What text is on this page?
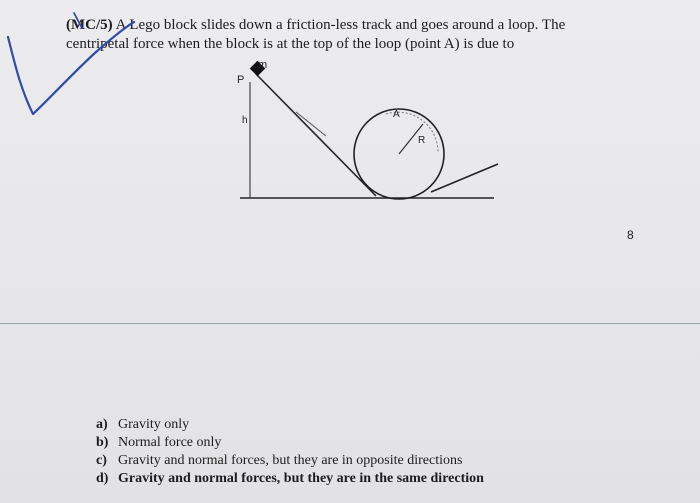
(MC/5) A Lego block slides down a friction-less track and goes around a loop. The
centripetal force when the block is at the top of the loop (point A) is due to
m
P
h
A
R
8
a) Gravity only
b) Normal force only
c) Gravity and normal forces, but they are in opposite directions
d) Gravity and normal forces, but they are in the same direction
